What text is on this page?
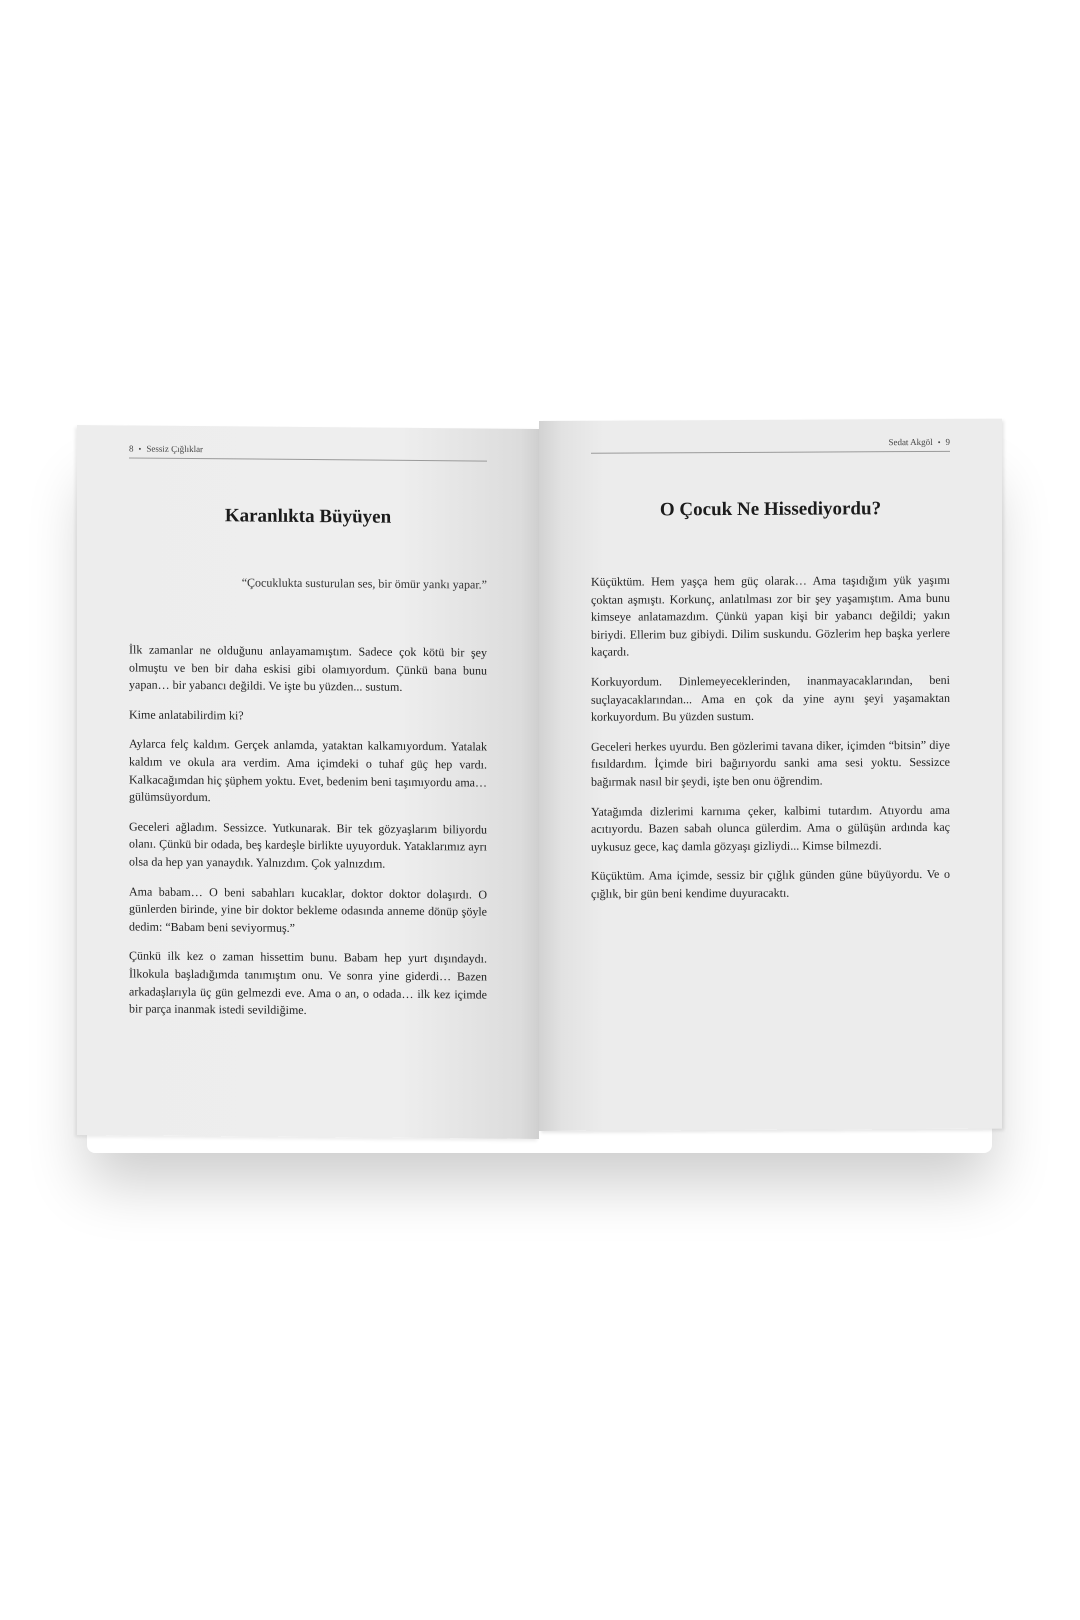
8 • Sessiz Çığlıklar
Karanlıkta Büyüyen
“Çocuklukta susturulan ses, bir ömür yankı yapar.”

İlk zamanlar ne olduğunu anlayamamıştım. Sadece çok kötü bir şey olmuştu ve ben bir daha eskisi gibi olamıyordum. Çünkü bana bunu yapan… bir yabancı değildi. Ve işte bu yüzden... sustum.

Kime anlatabilirdim ki?

Aylarca felç kaldım. Gerçek anlamda, yataktan kalkamıyordum. Yatalak kaldım ve okula ara verdim. Ama içimdeki o tuhaf güç hep vardı. Kalkacağımdan hiç şüphem yoktu. Evet, bedenim beni taşımıyordu ama… gülümsüyordum.

Geceleri ağladım. Sessizce. Yutkunarak. Bir tek gözyaşlarım biliyordu olanı. Çünkü bir odada, beş kardeşle birlikte uyuyorduk. Yataklarımız ayrı olsa da hep yan yanaydık. Yalnızdım. Çok yalnızdım.

Ama babam… O beni sabahları kucaklar, doktor doktor dolaşırdı. O günlerden birinde, yine bir doktor bekleme odasında anneme dönüp şöyle dedim: “Babam beni seviyormuş.”

Çünkü ilk kez o zaman hissettim bunu. Babam hep yurt dışındaydı. İlkokula başladığımda tanımıştım onu. Ve sonra yine giderdi… Bazen arkadaşlarıyla üç gün gelmezdi eve. Ama o an, o odada… ilk kez içimde bir parça inanmak istedi sevildiğime.

Sedat Akgöl • 9
O Çocuk Ne Hissediyordu?

Küçüktüm. Hem yaşça hem güç olarak… Ama taşıdığım yük yaşımı çoktan aşmıştı. Korkunç, anlatılması zor bir şey yaşamıştım. Ama bunu kimseye anlatamazdım. Çünkü yapan kişi bir yabancı değildi; yakın biriydi. Ellerim buz gibiydi. Dilim suskundu. Gözlerim hep başka yerlere kaçardı.

Korkuyordum. Dinlemeyeceklerinden, inanmayacaklarından, beni suçlayacaklarından... Ama en çok da yine aynı şeyi yaşamaktan korkuyordum. Bu yüzden sustum.

Geceleri herkes uyurdu. Ben gözlerimi tavana diker, içimden “bitsin” diye fısıldardım. İçimde biri bağırıyordu sanki ama sesi yoktu. Sessizce bağırmak nasıl bir şeydi, işte ben onu öğrendim.

Yatağımda dizlerimi karnıma çeker, kalbimi tutardım. Atıyordu ama acıtıyordu. Bazen sabah olunca gülerdim. Ama o gülüşün ardında kaç uykusuz gece, kaç damla gözyaşı gizliydi... Kimse bilmezdi.

Küçüktüm. Ama içimde, sessiz bir çığlık günden güne büyüyordu. Ve o çığlık, bir gün beni kendime duyuracaktı.
